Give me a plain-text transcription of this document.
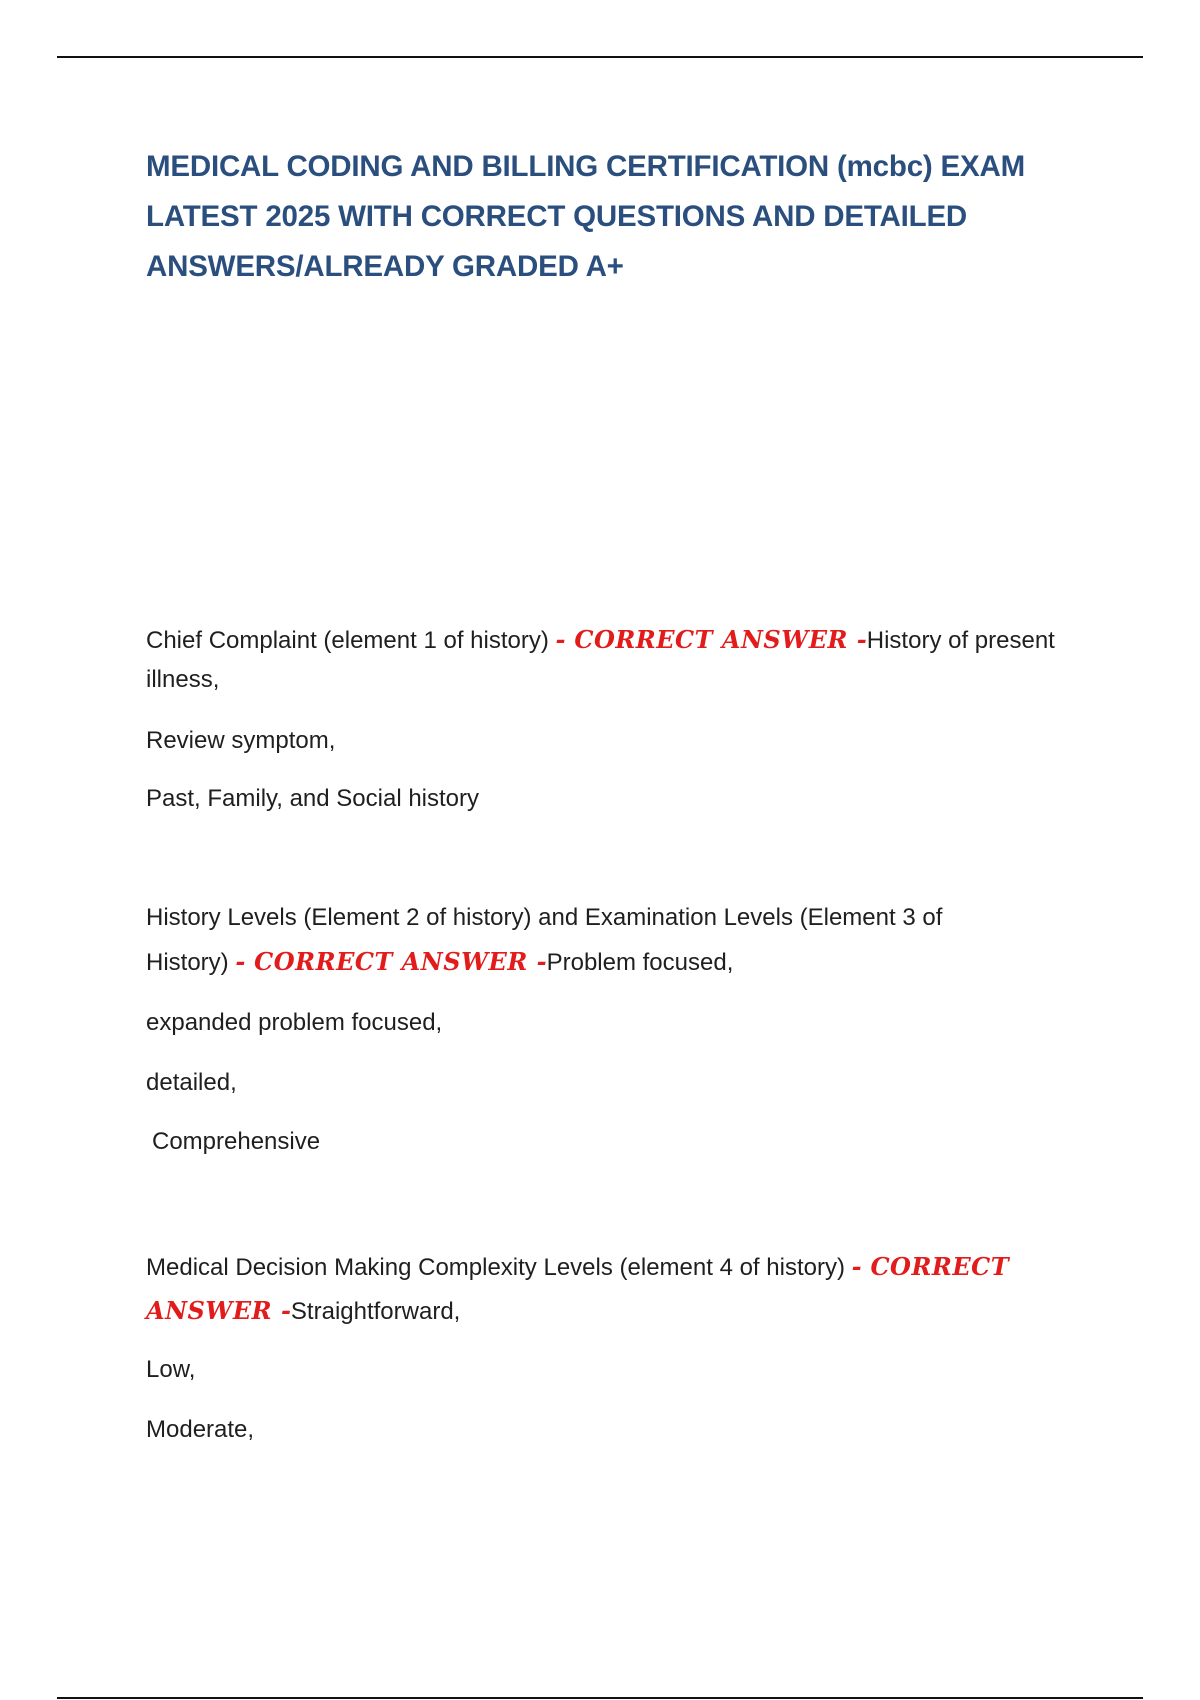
MEDICAL CODING AND BILLING CERTIFICATION (mcbc) EXAM LATEST 2025 WITH CORRECT QUESTIONS AND DETAILED ANSWERS/ALREADY GRADED A+

Chief Complaint (element 1 of history) - CORRECT ANSWER -History of present

illness,

Review symptom,

Past, Family, and Social history

History Levels (Element 2 of history) and Examination Levels (Element 3 of

History) - CORRECT ANSWER -Problem focused,

expanded problem focused,

detailed,

Comprehensive

Medical Decision Making Complexity Levels (element 4 of history) - CORRECT

ANSWER -Straightforward,

Low,

Moderate,
